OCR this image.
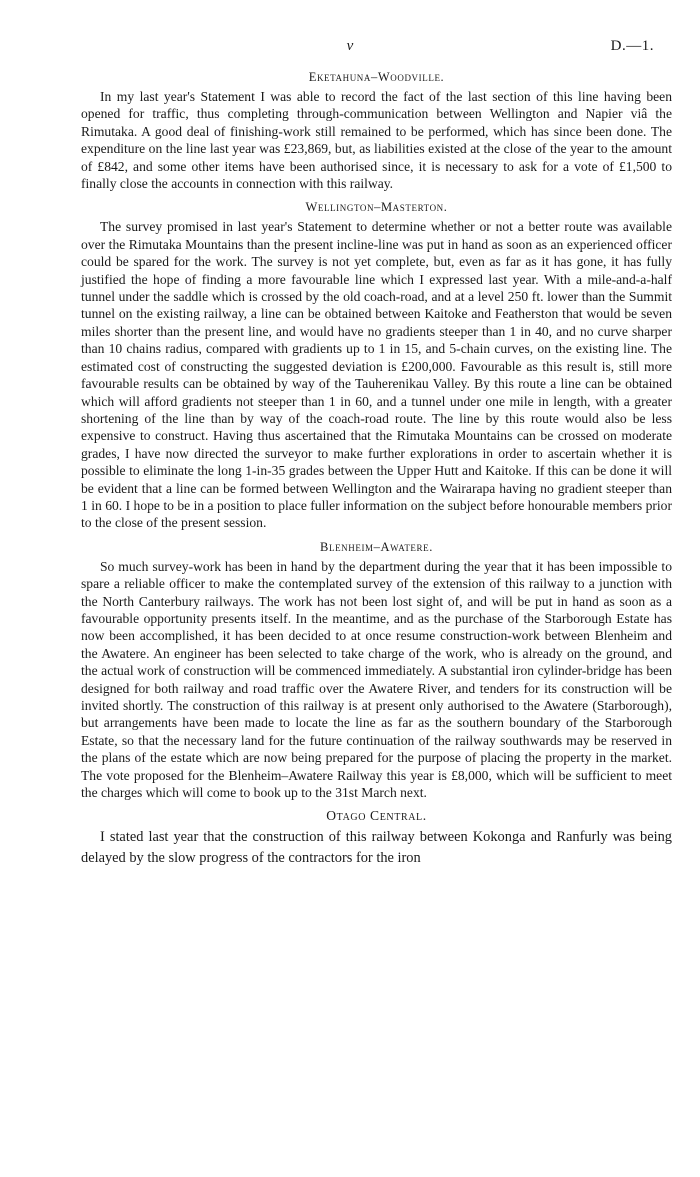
v	D.—1.
Eketahuna–Woodville.

In my last year's Statement I was able to record the fact of the last section of this line having been opened for traffic, thus completing through-communication between Wellington and Napier viâ the Rimutaka. A good deal of finishing-work still remained to be performed, which has since been done. The expenditure on the line last year was £23,869, but, as liabilities existed at the close of the year to the amount of £842, and some other items have been authorised since, it is necessary to ask for a vote of £1,500 to finally close the accounts in connection with this railway.

Wellington–Masterton.

The survey promised in last year's Statement to determine whether or not a better route was available over the Rimutaka Mountains than the present incline-line was put in hand as soon as an experienced officer could be spared for the work. The survey is not yet complete, but, even as far as it has gone, it has fully justified the hope of finding a more favourable line which I expressed last year. With a mile-and-a-half tunnel under the saddle which is crossed by the old coach-road, and at a level 250 ft. lower than the Summit tunnel on the existing railway, a line can be obtained between Kaitoke and Featherston that would be seven miles shorter than the present line, and would have no gradients steeper than 1 in 40, and no curve sharper than 10 chains radius, compared with gradients up to 1 in 15, and 5-chain curves, on the existing line. The estimated cost of constructing the suggested deviation is £200,000. Favourable as this result is, still more favourable results can be obtained by way of the Tauherenikau Valley. By this route a line can be obtained which will afford gradients not steeper than 1 in 60, and a tunnel under one mile in length, with a greater shortening of the line than by way of the coach-road route. The line by this route would also be less expensive to construct. Having thus ascertained that the Rimutaka Mountains can be crossed on moderate grades, I have now directed the surveyor to make further explorations in order to ascertain whether it is possible to eliminate the long 1-in-35 grades between the Upper Hutt and Kaitoke. If this can be done it will be evident that a line can be formed between Wellington and the Wairarapa having no gradient steeper than 1 in 60. I hope to be in a position to place fuller information on the subject before honourable members prior to the close of the present session.

Blenheim–Awatere.

So much survey-work has been in hand by the department during the year that it has been impossible to spare a reliable officer to make the contemplated survey of the extension of this railway to a junction with the North Canterbury railways. The work has not been lost sight of, and will be put in hand as soon as a favourable opportunity presents itself. In the meantime, and as the purchase of the Starborough Estate has now been accomplished, it has been decided to at once resume construction-work between Blenheim and the Awatere. An engineer has been selected to take charge of the work, who is already on the ground, and the actual work of construction will be commenced immediately. A substantial iron cylinder-bridge has been designed for both railway and road traffic over the Awatere River, and tenders for its construction will be invited shortly. The construction of this railway is at present only authorised to the Awatere (Starborough), but arrangements have been made to locate the line as far as the southern boundary of the Starborough Estate, so that the necessary land for the future continuation of the railway southwards may be reserved in the plans of the estate which are now being prepared for the purpose of placing the property in the market. The vote proposed for the Blenheim–Awatere Railway this year is £8,000, which will be sufficient to meet the charges which will come to book up to the 31st March next.

Otago Central.

I stated last year that the construction of this railway between Kokonga and Ranfurly was being delayed by the slow progress of the contractors for the iron
